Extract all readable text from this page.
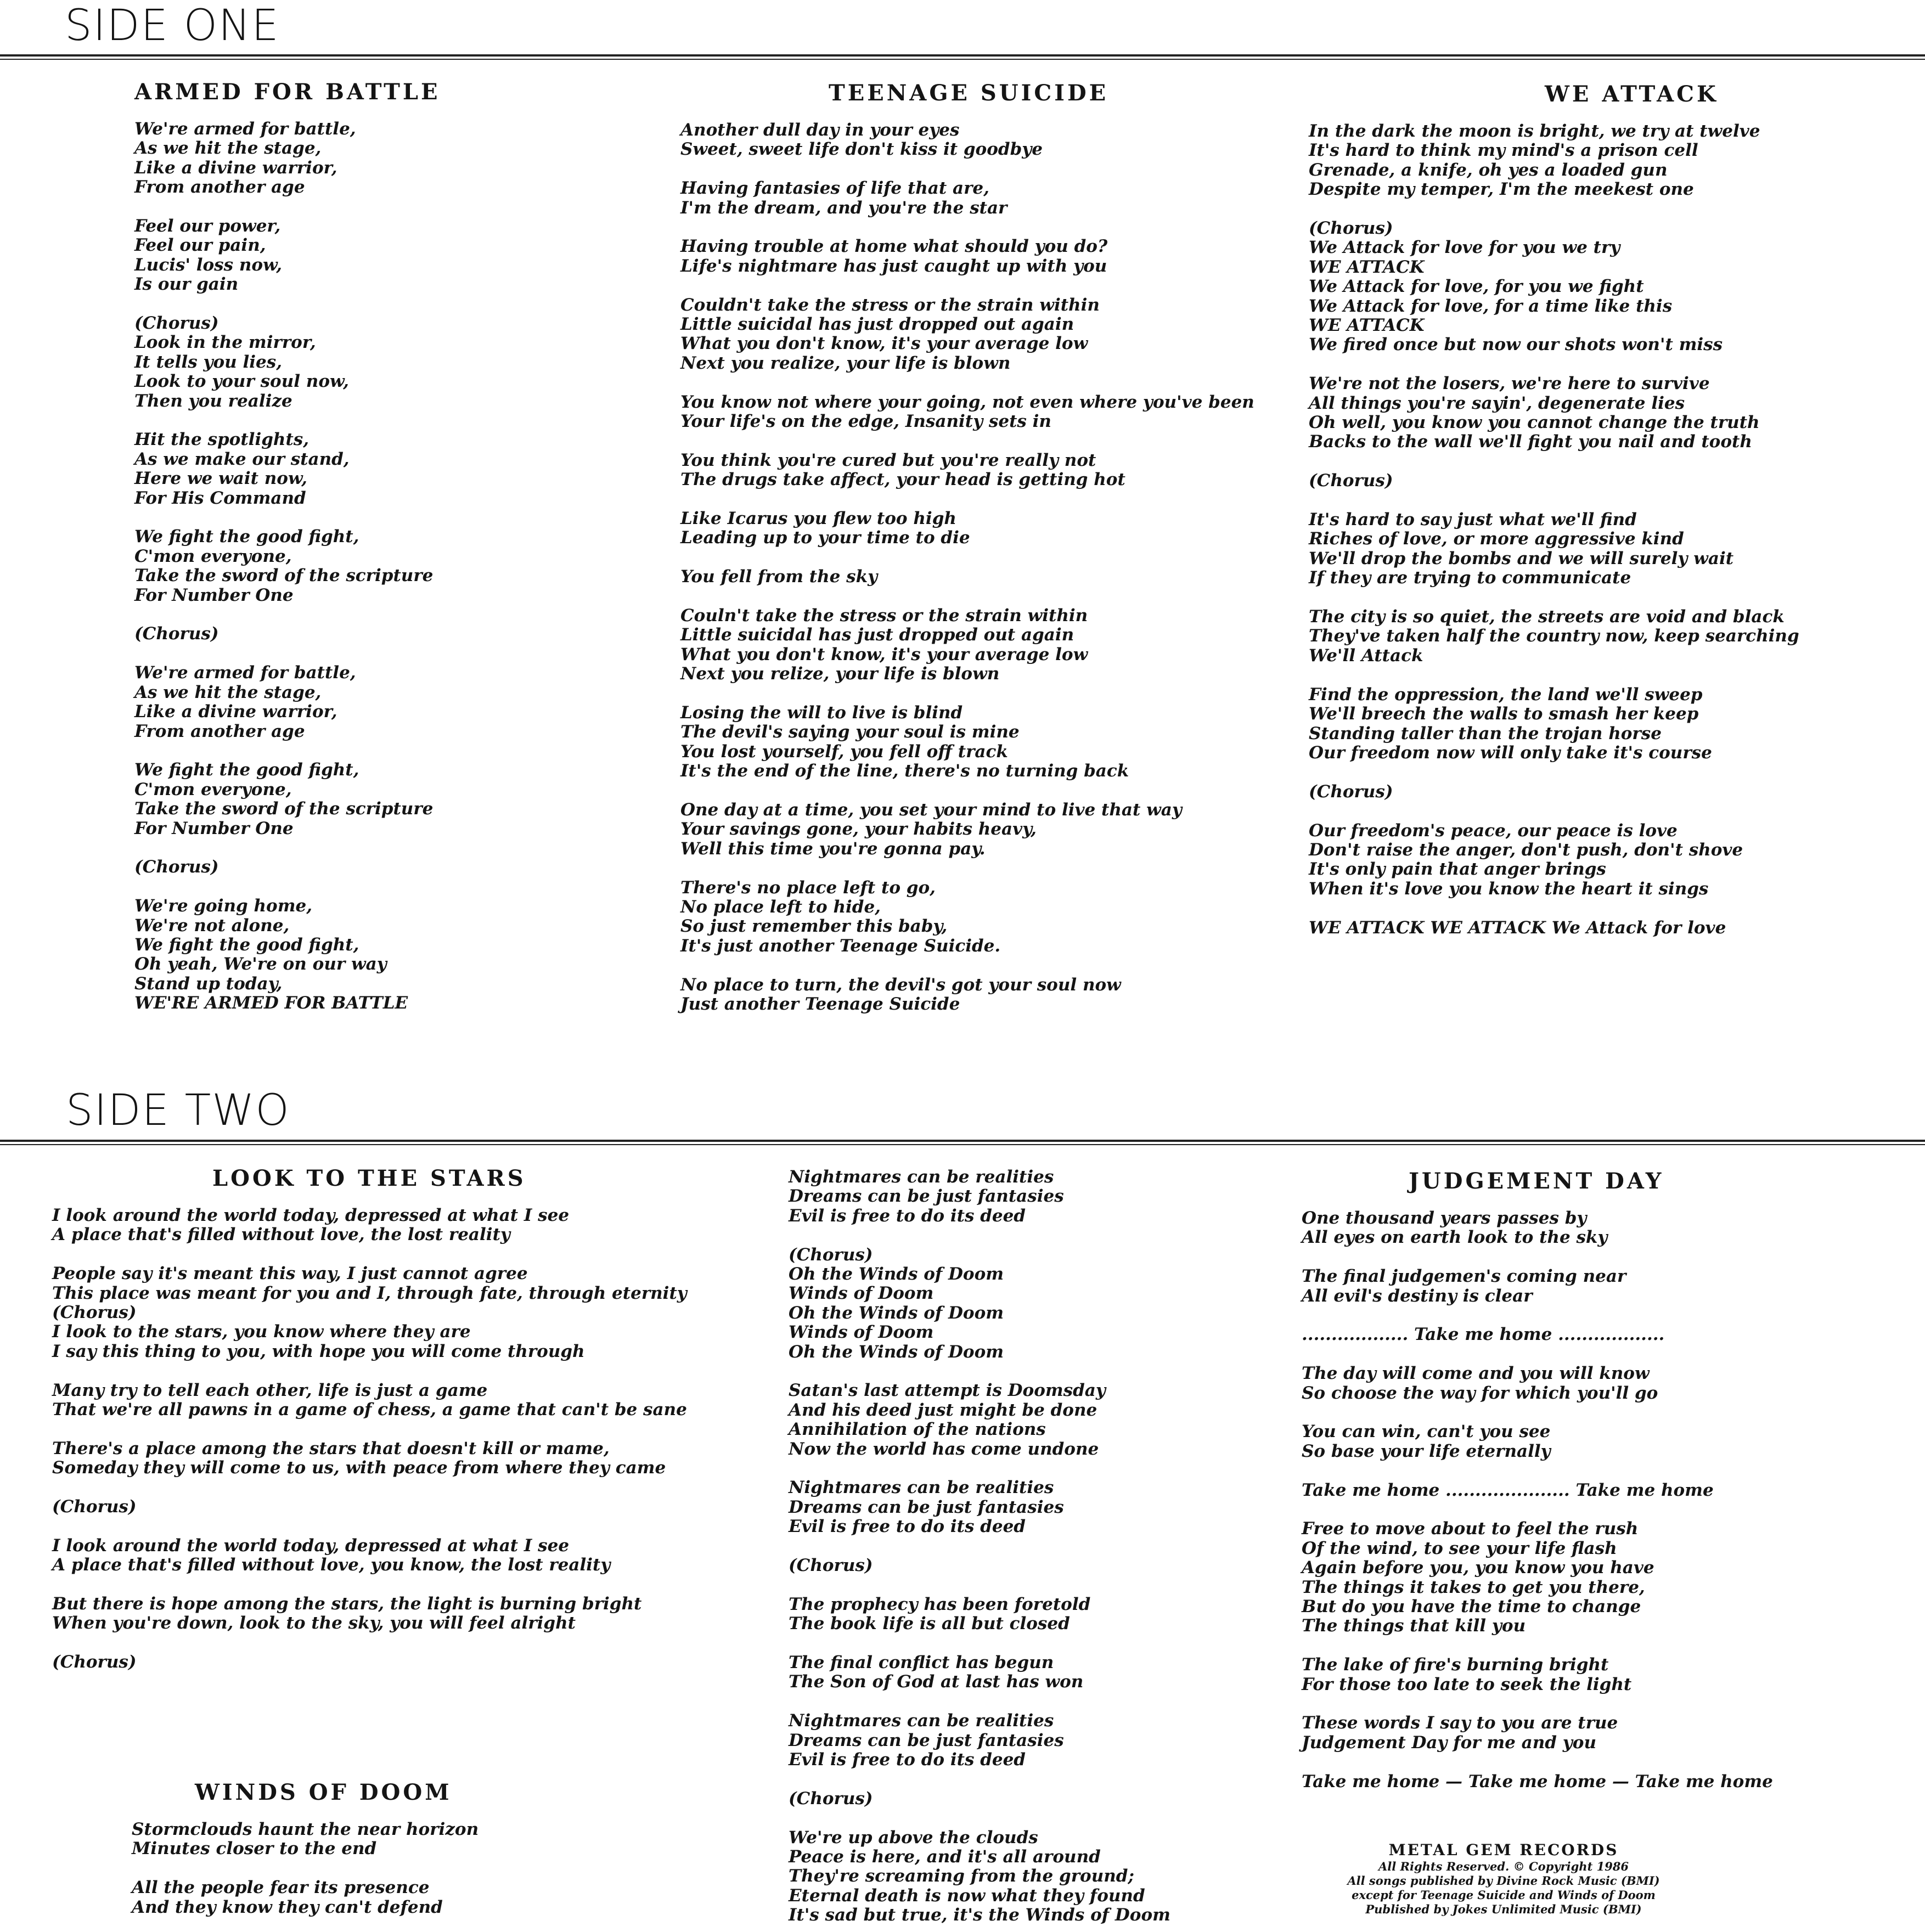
SIDE ONE
SIDE TWO
ARMED FOR BATTLE
We're armed for battle,
As we hit the stage,
Like a divine warrior,
From another age
Feel our power,
Feel our pain,
Lucis' loss now,
Is our gain
(Chorus)
Look in the mirror,
It tells you lies,
Look to your soul now,
Then you realize
Hit the spotlights,
As we make our stand,
Here we wait now,
For His Command
We fight the good fight,
C'mon everyone,
Take the sword of the scripture
For Number One
(Chorus)
We're armed for battle,
As we hit the stage,
Like a divine warrior,
From another age
We fight the good fight,
C'mon everyone,
Take the sword of the scripture
For Number One
(Chorus)
We're going home,
We're not alone,
We fight the good fight,
Oh yeah, We're on our way
Stand up today,
WE'RE ARMED FOR BATTLE
TEENAGE SUICIDE
Another dull day in your eyes
Sweet, sweet life don't kiss it goodbye
Having fantasies of life that are,
I'm the dream, and you're the star
Having trouble at home what should you do?
Life's nightmare has just caught up with you
Couldn't take the stress or the strain within
Little suicidal has just dropped out again
What you don't know, it's your average low
Next you realize, your life is blown
You know not where your going, not even where you've been
Your life's on the edge, Insanity sets in
You think you're cured but you're really not
The drugs take affect, your head is getting hot
Like Icarus you flew too high
Leading up to your time to die
You fell from the sky
Couln't take the stress or the strain within
Little suicidal has just dropped out again
What you don't know, it's your average low
Next you relize, your life is blown
Losing the will to live is blind
The devil's saying your soul is mine
You lost yourself, you fell off track
It's the end of the line, there's no turning back
One day at a time, you set your mind to live that way
Your savings gone, your habits heavy,
Well this time you're gonna pay.
There's no place left to go,
No place left to hide,
So just remember this baby,
It's just another Teenage Suicide.
No place to turn, the devil's got your soul now
Just another Teenage Suicide
WE ATTACK
In the dark the moon is bright, we try at twelve
It's hard to think my mind's a prison cell
Grenade, a knife, oh yes a loaded gun
Despite my temper, I'm the meekest one
(Chorus)
We Attack for love for you we try
WE ATTACK
We Attack for love, for you we fight
We Attack for love, for a time like this
WE ATTACK
We fired once but now our shots won't miss
We're not the losers, we're here to survive
All things you're sayin', degenerate lies
Oh well, you know you cannot change the truth
Backs to the wall we'll fight you nail and tooth
(Chorus)
It's hard to say just what we'll find
Riches of love, or more aggressive kind
We'll drop the bombs and we will surely wait
If they are trying to communicate
The city is so quiet, the streets are void and black
They've taken half the country now, keep searching
We'll Attack
Find the oppression, the land we'll sweep
We'll breech the walls to smash her keep
Standing taller than the trojan horse
Our freedom now will only take it's course
(Chorus)
Our freedom's peace, our peace is love
Don't raise the anger, don't push, don't shove
It's only pain that anger brings
When it's love you know the heart it sings
WE ATTACK WE ATTACK We Attack for love
LOOK TO THE STARS
I look around the world today, depressed at what I see
A place that's filled without love, the lost reality
People say it's meant this way, I just cannot agree
This place was meant for you and I, through fate, through eternity
(Chorus)
I look to the stars, you know where they are
I say this thing to you, with hope you will come through
Many try to tell each other, life is just a game
That we're all pawns in a game of chess, a game that can't be sane
There's a place among the stars that doesn't kill or mame,
Someday they will come to us, with peace from where they came
(Chorus)
I look around the world today, depressed at what I see
A place that's filled without love, you know, the lost reality
But there is hope among the stars, the light is burning bright
When you're down, look to the sky, you will feel alright
(Chorus)
WINDS OF DOOM
Stormclouds haunt the near horizon
Minutes closer to the end
All the people fear its presence
And they know they can't defend
Nightmares can be realities
Dreams can be just fantasies
Evil is free to do its deed
(Chorus)
Oh the Winds of Doom
Winds of Doom
Oh the Winds of Doom
Winds of Doom
Oh the Winds of Doom
Satan's last attempt is Doomsday
And his deed just might be done
Annihilation of the nations
Now the world has come undone
Nightmares can be realities
Dreams can be just fantasies
Evil is free to do its deed
(Chorus)
The prophecy has been foretold
The book life is all but closed
The final conflict has begun
The Son of God at last has won
Nightmares can be realities
Dreams can be just fantasies
Evil is free to do its deed
(Chorus)
We're up above the clouds
Peace is here, and it's all around
They're screaming from the ground;
Eternal death is now what they found
It's sad but true, it's the Winds of Doom
JUDGEMENT DAY
One thousand years passes by
All eyes on earth look to the sky
The final judgemen's coming near
All evil's destiny is clear
.................. Take me home ..................
The day will come and you will know
So choose the way for which you'll go
You can win, can't you see
So base your life eternally
Take me home ..................... Take me home
Free to move about to feel the rush
Of the wind, to see your life flash
Again before you, you know you have
The things it takes to get you there,
But do you have the time to change
The things that kill you
The lake of fire's burning bright
For those too late to seek the light
These words I say to you are true
Judgement Day for me and you
Take me home — Take me home — Take me home
METAL GEM RECORDS
All Rights Reserved. © Copyright 1986
All songs published by Divine Rock Music (BMI)
except for Teenage Suicide and Winds of Doom
Published by Jokes Unlimited Music (BMI)
